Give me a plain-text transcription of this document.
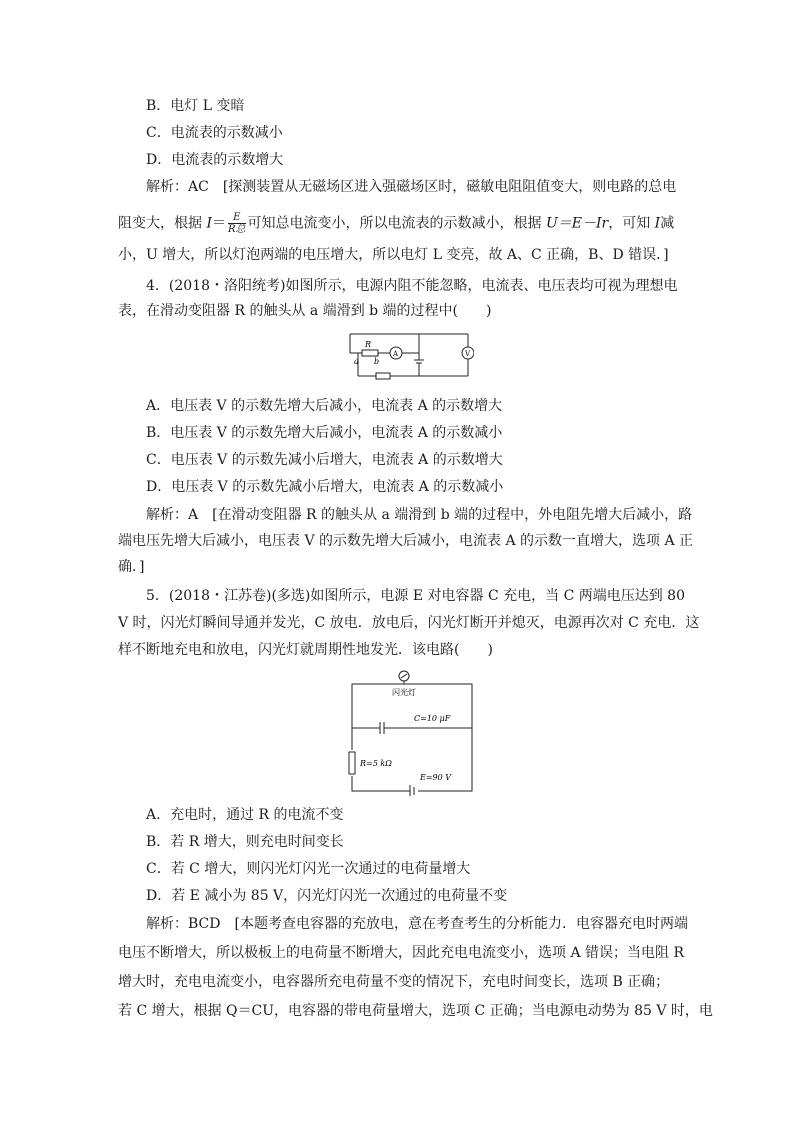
B．电灯 L 变暗
C．电流表的示数减小
D．电流表的示数增大
解析：AC　[探测装置从无磁场区进入强磁场区时，磁敏电阻阻值变大，则电路的总电
阻变大，根据 I＝ E
R总 可知总电流变小，所以电流表的示数减小，根据 U＝E－Ir，可知 I减
小，U 增大，所以灯泡两端的电压增大，所以电灯 L 变亮，故 A、C 正确，B、D 错误．]
4．(2018・洛阳统考)如图所示，电源内阻不能忽略，电流表、电压表均可视为理想电
表，在滑动变阻器 R 的触头从 a 端滑到 b 端的过程中(　　)
R
a b
A	V
A．电压表 V 的示数先增大后减小，电流表 A 的示数增大
B．电压表 V 的示数先增大后减小，电流表 A 的示数减小
C．电压表 V 的示数先减小后增大，电流表 A 的示数增大
D．电压表 V 的示数先减小后增大，电流表 A 的示数减小
解析：A　[在滑动变阻器 R 的触头从 a 端滑到 b 端的过程中，外电阻先增大后减小，路
端电压先增大后减小，电压表 V 的示数先增大后减小，电流表 A 的示数一直增大，选项 A 正
确．]
5．(2018・江苏卷)(多选)如图所示，电源 E 对电容器 C 充电，当 C 两端电压达到 80
V 时，闪光灯瞬间导通并发光，C 放电．放电后，闪光灯断开并熄灭，电源再次对 C 充电．这
样不断地充电和放电，闪光灯就周期性地发光．该电路(　　)
闪光灯
C=10 μF
R=5 kΩ
E=90 V
A．充电时，通过 R 的电流不变
B．若 R 增大，则充电时间变长
C．若 C 增大，则闪光灯闪光一次通过的电荷量增大
D．若 E 减小为 85 V，闪光灯闪光一次通过的电荷量不变
解析：BCD　[本题考查电容器的充放电，意在考查考生的分析能力．电容器充电时两端
电压不断增大，所以极板上的电荷量不断增大，因此充电电流变小，选项 A 错误；当电阻 R
增大时，充电电流变小，电容器所充电荷量不变的情况下，充电时间变长，选项 B 正确；
若 C 增大，根据 Q＝CU，电容器的带电荷量增大，选项 C 正确；当电源电动势为 85 V 时，电
